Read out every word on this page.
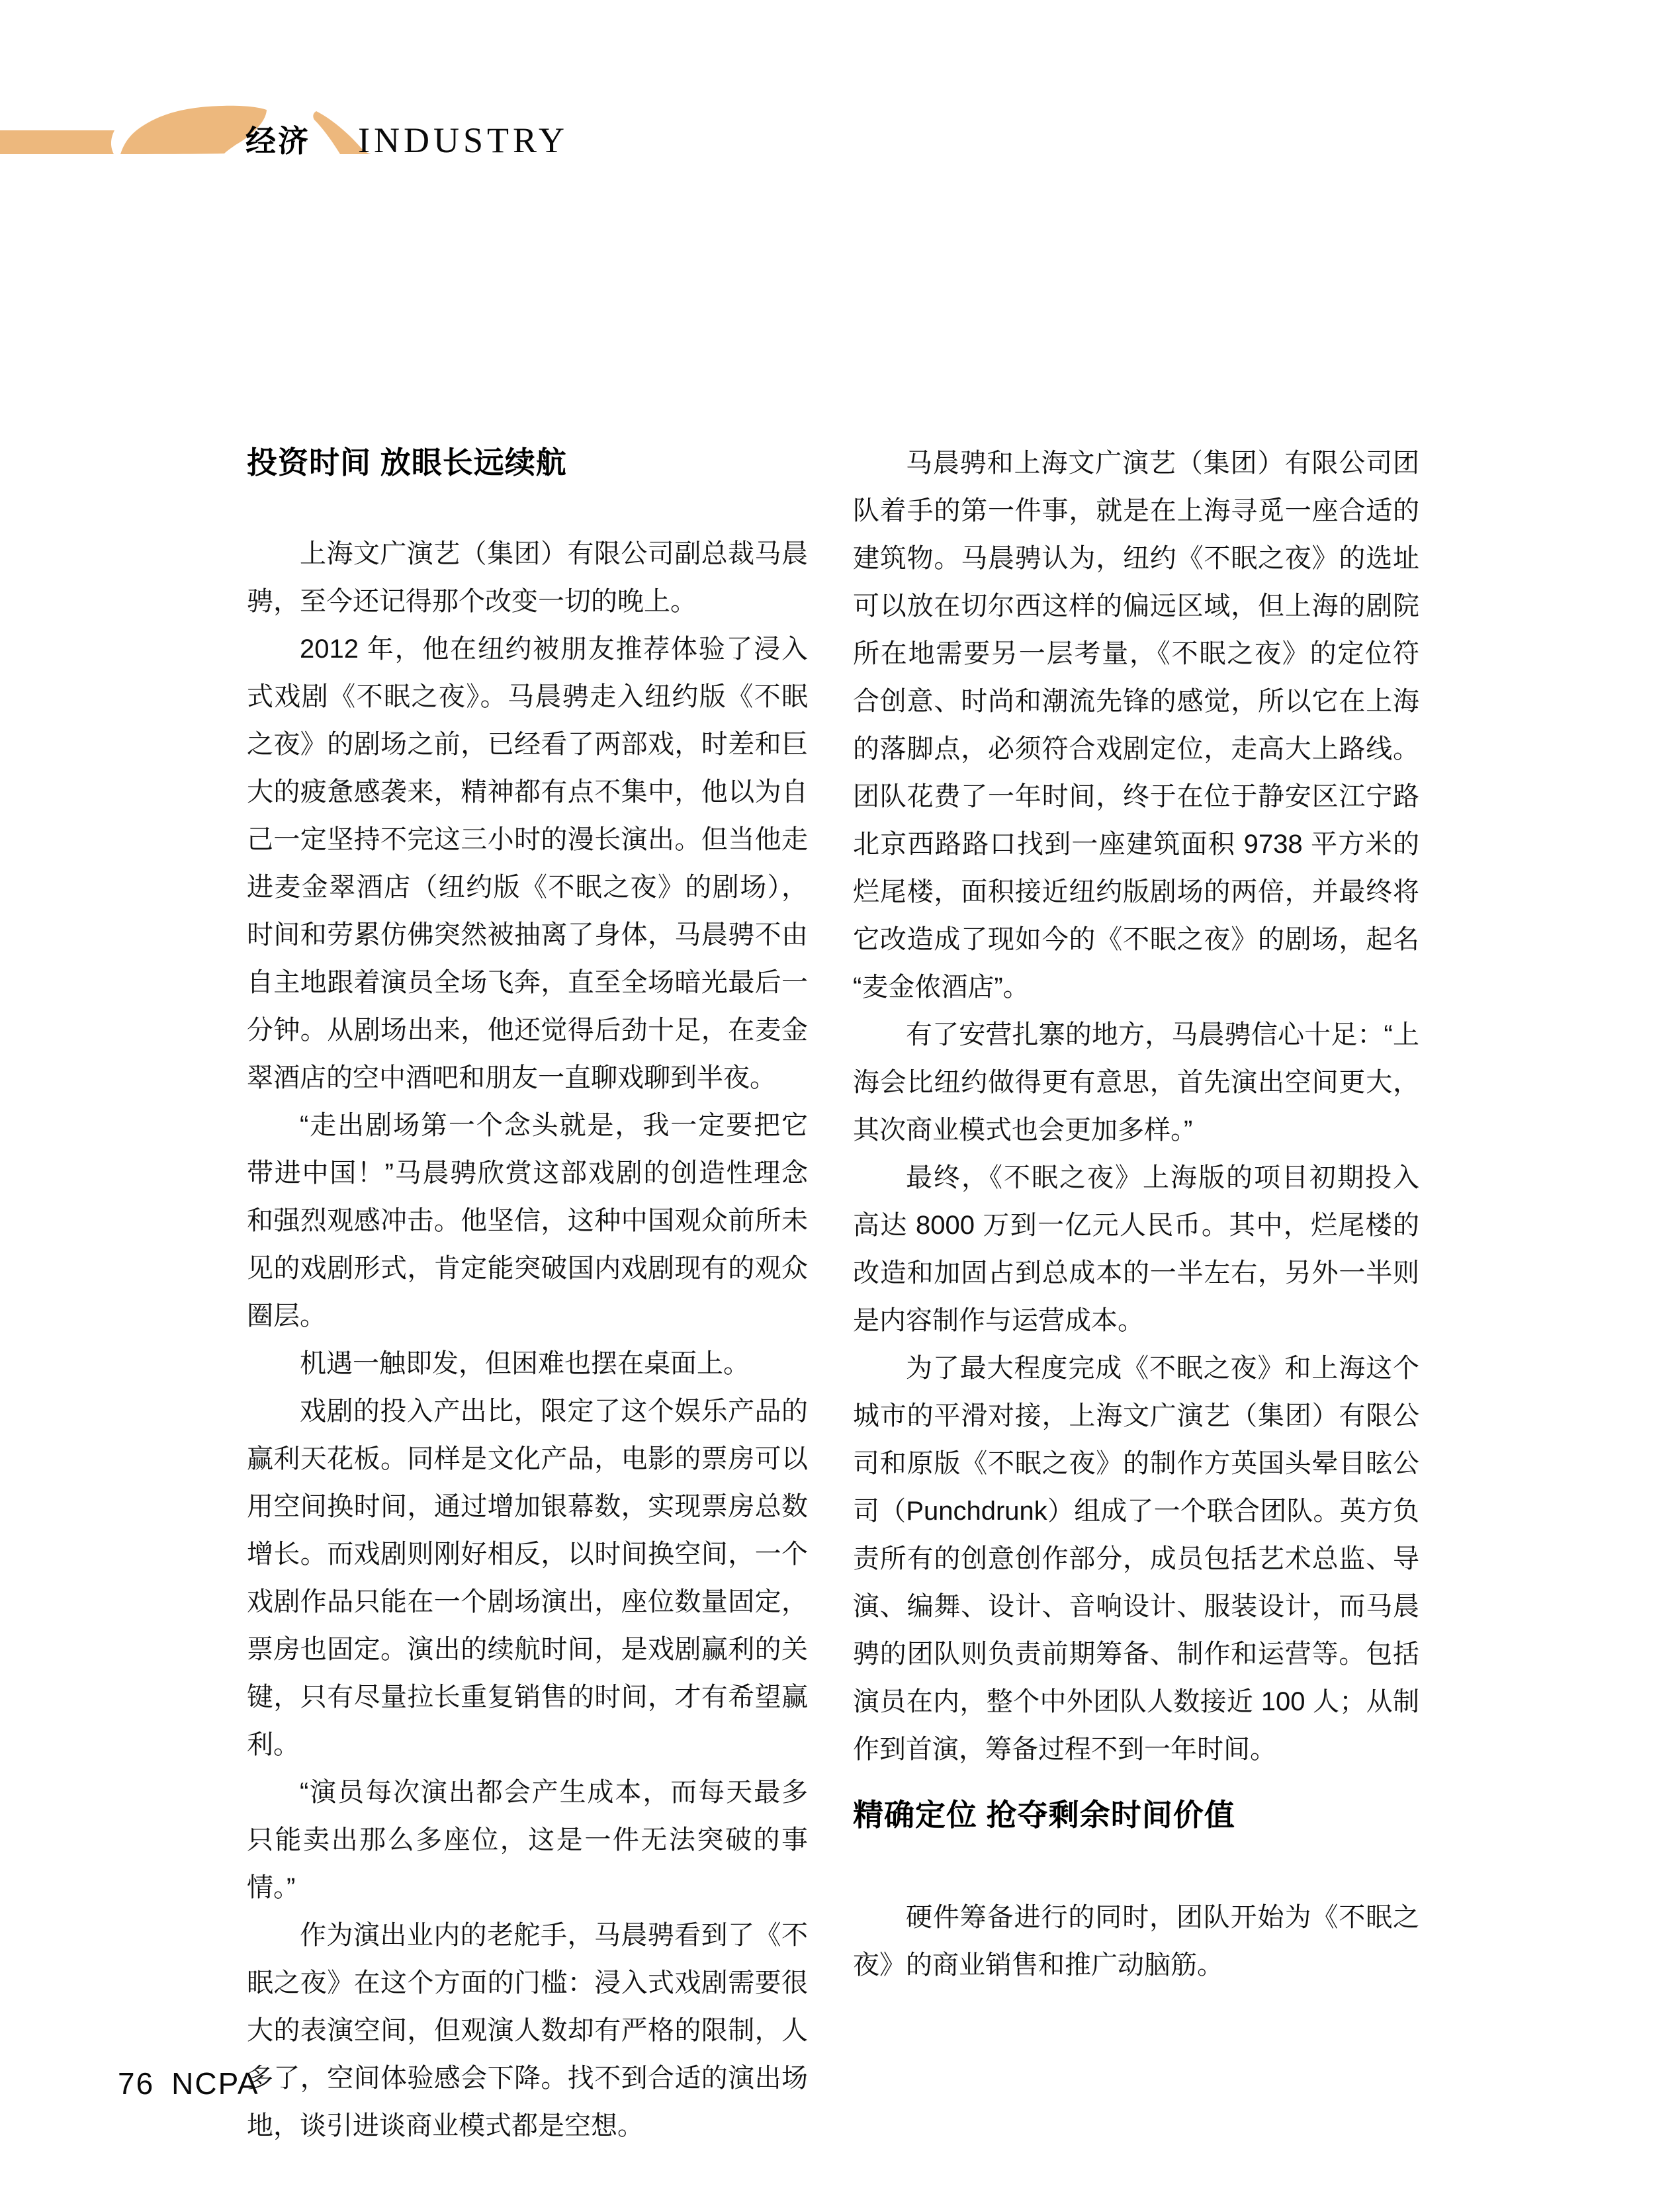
经济 INDUSTRY
投资时间 放眼长远续航

上海文广演艺（集团）有限公司副总裁马晨骋，至今还记得那个改变一切的晚上。

2012 年，他在纽约被朋友推荐体验了浸入式戏剧《不眠之夜》。马晨骋走入纽约版《不眠之夜》的剧场之前，已经看了两部戏，时差和巨大的疲惫感袭来，精神都有点不集中，他以为自己一定坚持不完这三小时的漫长演出。但当他走进麦金翠酒店（纽约版《不眠之夜》的剧场），时间和劳累仿佛突然被抽离了身体，马晨骋不由自主地跟着演员全场飞奔，直至全场暗光最后一分钟。从剧场出来，他还觉得后劲十足，在麦金翠酒店的空中酒吧和朋友一直聊戏聊到半夜。

“走出剧场第一个念头就是，我一定要把它带进中国！”马晨骋欣赏这部戏剧的创造性理念和强烈观感冲击。他坚信，这种中国观众前所未见的戏剧形式，肯定能突破国内戏剧现有的观众圈层。

机遇一触即发，但困难也摆在桌面上。

戏剧的投入产出比，限定了这个娱乐产品的赢利天花板。同样是文化产品，电影的票房可以用空间换时间，通过增加银幕数，实现票房总数增长。而戏剧则刚好相反，以时间换空间，一个戏剧作品只能在一个剧场演出，座位数量固定，票房也固定。演出的续航时间，是戏剧赢利的关键，只有尽量拉长重复销售的时间，才有希望赢利。

“演员每次演出都会产生成本，而每天最多只能卖出那么多座位，这是一件无法突破的事情。”

作为演出业内的老舵手，马晨骋看到了《不眠之夜》在这个方面的门槛：浸入式戏剧需要很大的表演空间，但观演人数却有严格的限制，人多了，空间体验感会下降。找不到合适的演出场地，谈引进谈商业模式都是空想。

马晨骋和上海文广演艺（集团）有限公司团队着手的第一件事，就是在上海寻觅一座合适的建筑物。马晨骋认为，纽约《不眠之夜》的选址可以放在切尔西这样的偏远区域，但上海的剧院所在地需要另一层考量，《不眠之夜》的定位符合创意、时尚和潮流先锋的感觉，所以它在上海的落脚点，必须符合戏剧定位，走高大上路线。团队花费了一年时间，终于在位于静安区江宁路北京西路路口找到一座建筑面积 9738 平方米的烂尾楼，面积接近纽约版剧场的两倍，并最终将它改造成了现如今的《不眠之夜》的剧场，起名“麦金侬酒店”。

有了安营扎寨的地方，马晨骋信心十足：“上海会比纽约做得更有意思，首先演出空间更大，其次商业模式也会更加多样。”

最终，《不眠之夜》上海版的项目初期投入高达 8000 万到一亿元人民币。其中，烂尾楼的改造和加固占到总成本的一半左右，另外一半则是内容制作与运营成本。

为了最大程度完成《不眠之夜》和上海这个城市的平滑对接，上海文广演艺（集团）有限公司和原版《不眠之夜》的制作方英国头晕目眩公司（Punchdrunk）组成了一个联合团队。英方负责所有的创意创作部分，成员包括艺术总监、导演、编舞、设计、音响设计、服装设计，而马晨骋的团队则负责前期筹备、制作和运营等。包括演员在内，整个中外团队人数接近 100 人；从制作到首演，筹备过程不到一年时间。

精确定位 抢夺剩余时间价值

硬件筹备进行的同时，团队开始为《不眠之夜》的商业销售和推广动脑筋。

76 NCPA
